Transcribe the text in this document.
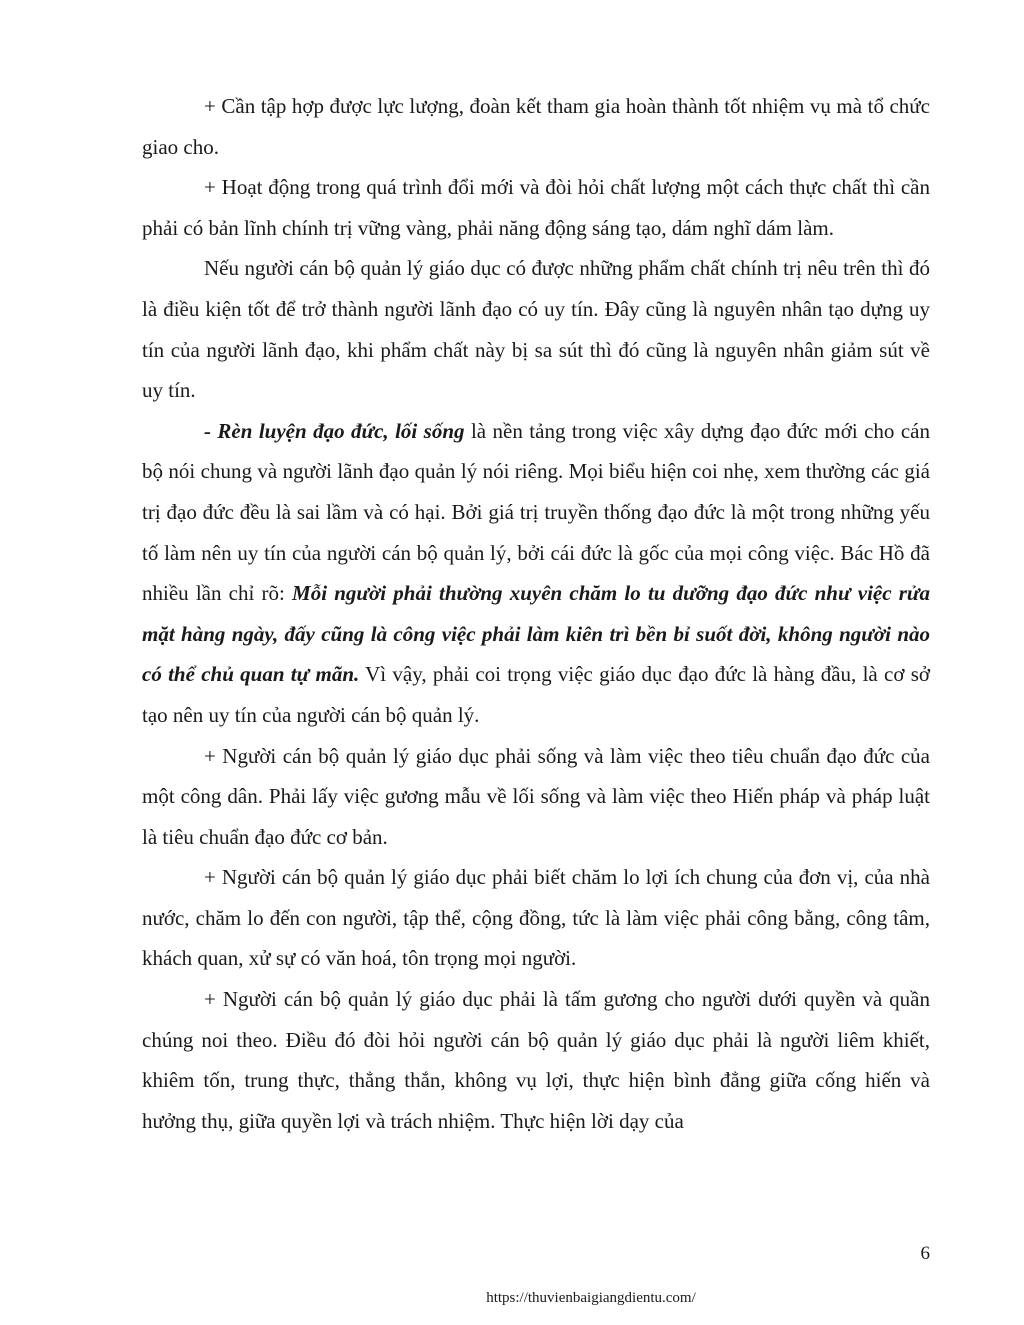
+ Cần tập hợp được lực lượng, đoàn kết tham gia hoàn thành tốt nhiệm vụ mà tổ chức giao cho.

+ Hoạt động trong quá trình đổi mới và đòi hỏi chất lượng một cách thực chất thì cần phải có bản lĩnh chính trị vững vàng, phải năng động sáng tạo, dám nghĩ dám làm.

Nếu người cán bộ quản lý giáo dục có được những phẩm chất chính trị nêu trên thì đó là điều kiện tốt để trở thành người lãnh đạo có uy tín. Đây cũng là nguyên nhân tạo dựng uy tín của người lãnh đạo, khi phẩm chất này bị sa sút thì đó cũng là nguyên nhân giảm sút về uy tín.

- Rèn luyện đạo đức, lối sống là nền tảng trong việc xây dựng đạo đức mới cho cán bộ nói chung và người lãnh đạo quản lý nói riêng. Mọi biểu hiện coi nhẹ, xem thường các giá trị đạo đức đều là sai lầm và có hại. Bởi giá trị truyền thống đạo đức là một trong những yếu tố làm nên uy tín của người cán bộ quản lý, bởi cái đức là gốc của mọi công việc. Bác Hồ đã nhiều lần chỉ rõ: Mỗi người phải thường xuyên chăm lo tu dưỡng đạo đức như việc rửa mặt hàng ngày, đấy cũng là công việc phải làm kiên trì bền bỉ suốt đời, không người nào có thể chủ quan tự mãn. Vì vậy, phải coi trọng việc giáo dục đạo đức là hàng đầu, là cơ sở tạo nên uy tín của người cán bộ quản lý.

+ Người cán bộ quản lý giáo dục phải sống và làm việc theo tiêu chuẩn đạo đức của một công dân. Phải lấy việc gương mẫu về lối sống và làm việc theo Hiến pháp và pháp luật là tiêu chuẩn đạo đức cơ bản.

+ Người cán bộ quản lý giáo dục phải biết chăm lo lợi ích chung của đơn vị, của nhà nước, chăm lo đến con người, tập thể, cộng đồng, tức là làm việc phải công bằng, công tâm, khách quan, xử sự có văn hoá, tôn trọng mọi người.

+ Người cán bộ quản lý giáo dục phải là tấm gương cho người dưới quyền và quần chúng noi theo. Điều đó đòi hỏi người cán bộ quản lý giáo dục phải là người liêm khiết, khiêm tốn, trung thực, thẳng thắn, không vụ lợi, thực hiện bình đẳng giữa cống hiến và hưởng thụ, giữa quyền lợi và trách nhiệm. Thực hiện lời dạy của

6
https://thuvienbaigiangdientu.com/
